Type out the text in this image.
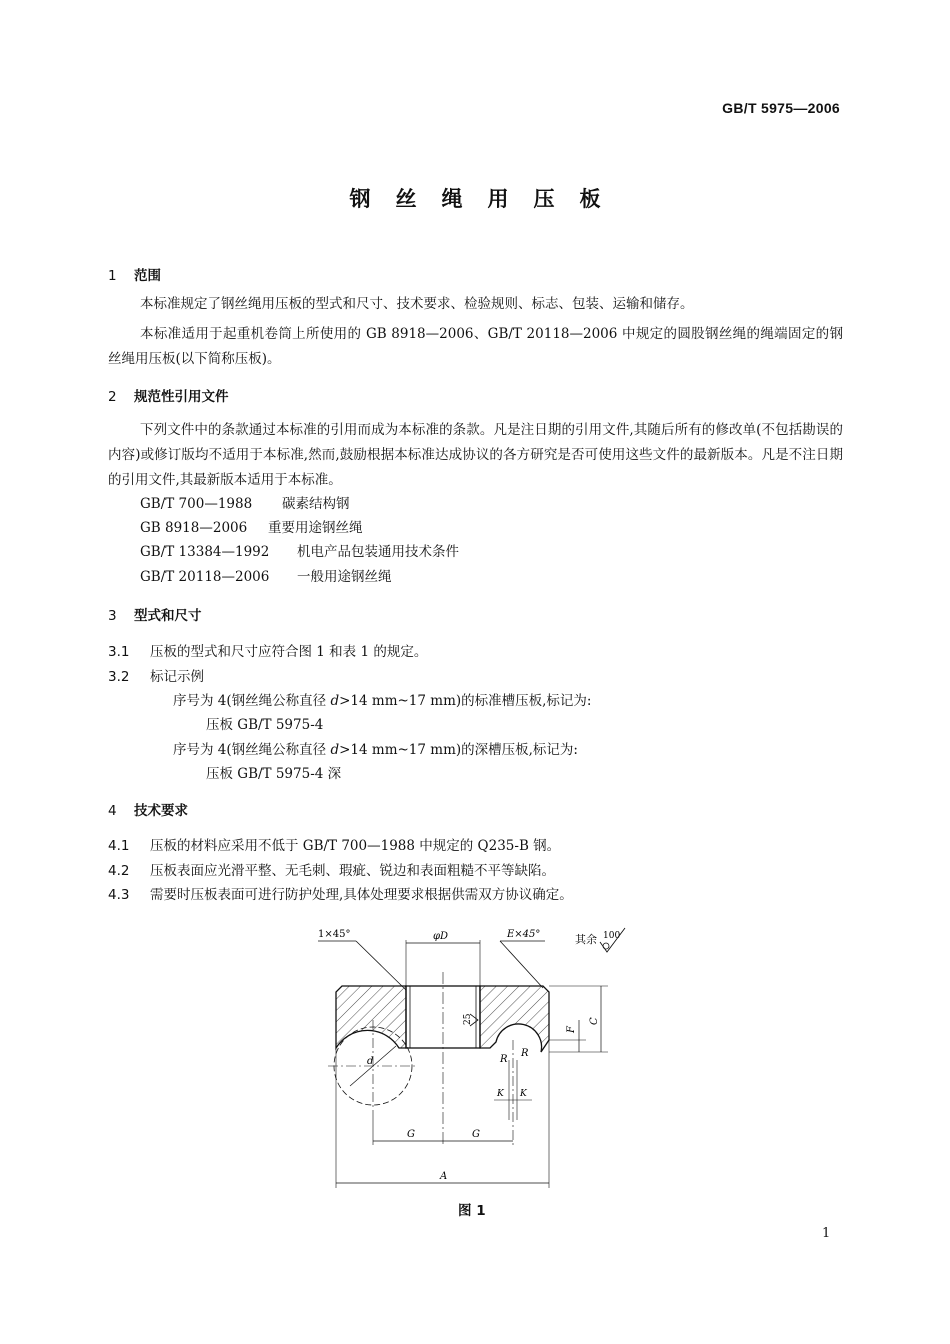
GB/T 5975—2006
钢丝绳用压板
1 范围
本标准规定了钢丝绳用压板的型式和尺寸、技术要求、检验规则、标志、包装、运输和储存。
本标准适用于起重机卷筒上所使用的 GB 8918—2006、GB/T 20118—2006 中规定的圆股钢丝绳的绳端固定的钢丝绳用压板(以下简称压板)。
2 规范性引用文件
下列文件中的条款通过本标准的引用而成为本标准的条款。凡是注日期的引用文件,其随后所有的修改单(不包括勘误的内容)或修订版均不适用于本标准,然而,鼓励根据本标准达成协议的各方研究是否可使用这些文件的最新版本。凡是不注日期的引用文件,其最新版本适用于本标准。
GB/T 700—1988 碳素结构钢
GB 8918—2006 重要用途钢丝绳
GB/T 13384—1992 机电产品包装通用技术条件
GB/T 20118—2006 一般用途钢丝绳
3 型式和尺寸
3.1 压板的型式和尺寸应符合图 1 和表 1 的规定。
3.2 标记示例
序号为 4(钢丝绳公称直径 d>14 mm~17 mm)的标准槽压板,标记为:
压板 GB/T 5975-4
序号为 4(钢丝绳公称直径 d>14 mm~17 mm)的深槽压板,标记为:
压板 GB/T 5975-4 深
4 技术要求
4.1 压板的材料应采用不低于 GB/T 700—1988 中规定的 Q235-B 钢。
4.2 压板表面应光滑平整、无毛刺、瑕疵、锐边和表面粗糙不平等缺陷。
4.3 需要时压板表面可进行防护处理,具体处理要求根据供需双方协议确定。
d
1×45°	φD	E×45°	其余 100
25	C
F
R
R
K K
G	G
A
图 1
1
